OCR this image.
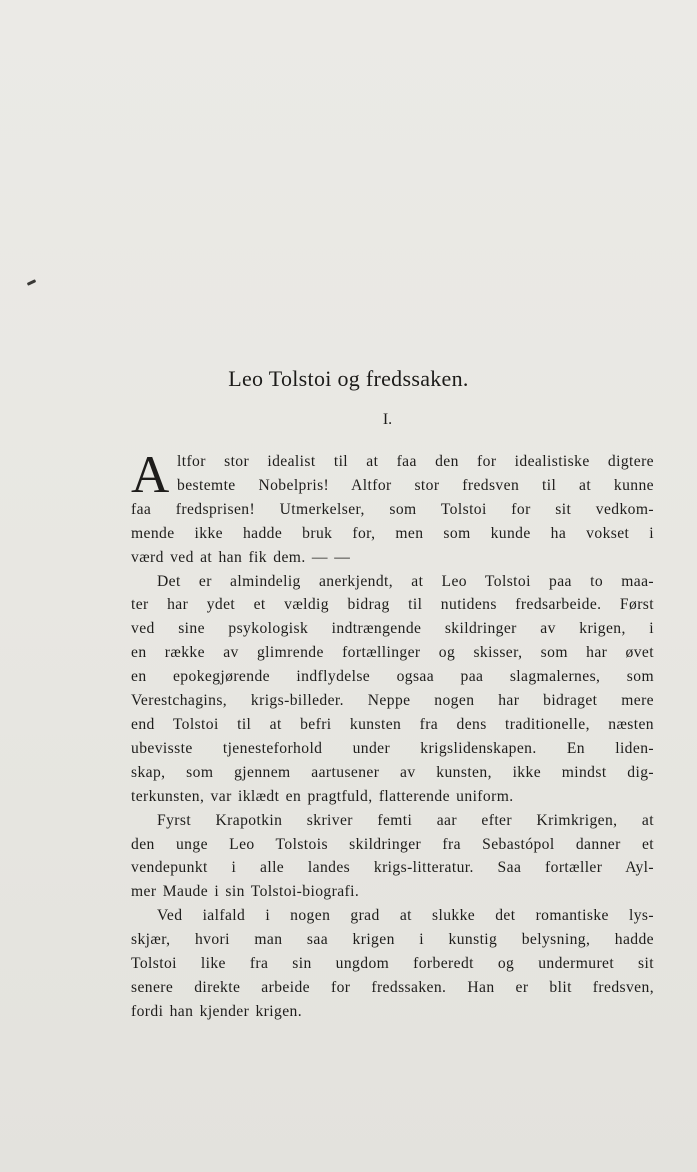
Leo Tolstoi og fredssaken.
I.
A ltfor stor idealist til at faa den for idealistiske digtere
bestemte Nobelpris! Altfor stor fredsven til at kunne
faa fredsprisen! Utmerkelser, som Tolstoi for sit vedkom-
mende ikke hadde bruk for, men som kunde ha vokset i
værd ved at han fik dem. — —
Det er almindelig anerkjendt, at Leo Tolstoi paa to maa-
ter har ydet et vældig bidrag til nutidens fredsarbeide. Først
ved sine psykologisk indtrængende skildringer av krigen, i
en række av glimrende fortællinger og skisser, som har øvet
en epokegjørende indflydelse ogsaa paa slagmalernes, som
Verestchagins, krigs-billeder. Neppe nogen har bidraget mere
end Tolstoi til at befri kunsten fra dens traditionelle, næsten
ubevisste tjenesteforhold under krigslidenskapen. En liden-
skap, som gjennem aartusener av kunsten, ikke mindst dig-
terkunsten, var iklædt en pragtfuld, flatterende uniform.
Fyrst Krapotkin skriver femti aar efter Krimkrigen, at
den unge Leo Tolstois skildringer fra Sebastópol danner et
vendepunkt i alle landes krigs-litteratur. Saa fortæller Ayl-
mer Maude i sin Tolstoi-biografi.
Ved ialfald i nogen grad at slukke det romantiske lys-
skjær, hvori man saa krigen i kunstig belysning, hadde
Tolstoi like fra sin ungdom forberedt og undermuret sit
senere direkte arbeide for fredssaken. Han er blit fredsven,
fordi han kjender krigen.
